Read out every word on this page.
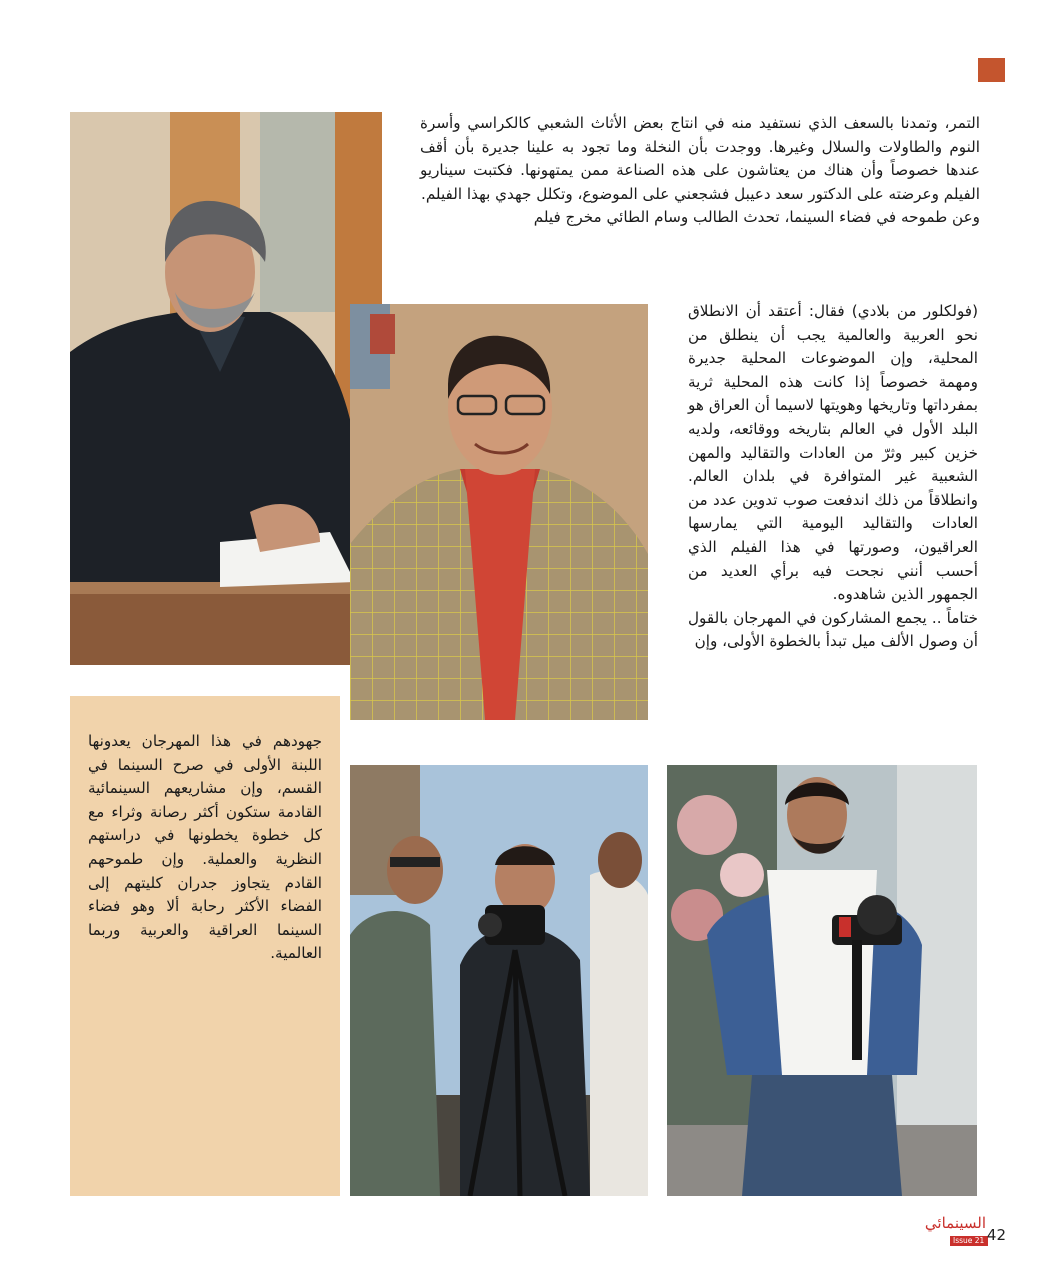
التمر، وتمدنا بالسعف الذي نستفيد منه في انتاج بعض الأثاث الشعبي كالكراسي وأسرة النوم والطاولات والسلال وغيرها. ووجدت بأن النخلة وما تجود به علينا جديرة بأن أقف عندها خصوصاً وأن هناك من يعتاشون على هذه الصناعة ممن يمتهونها. فكتبت سيناريو الفيلم وعرضته على الدكتور سعد دعيبل فشجعني على الموضوع، وتكلل جهدي بهذا الفيلم.

وعن طموحه في فضاء السينما، تحدث الطالب وسام الطائي مخرج فيلم

(فولكلور من بلادي) فقال: أعتقد أن الانطلاق نحو العربية والعالمية يجب أن ينطلق من المحلية، وإن الموضوعات المحلية جديرة ومهمة خصوصاً إذا كانت هذه المحلية ثرية بمفرداتها وتاريخها وهويتها لاسيما أن العراق هو البلد الأول في العالم بتاريخه ووقائعه، ولديه خزين كبير وثرّ من العادات والتقاليد والمهن الشعبية غير المتوافرة في بلدان العالم. وانطلاقاً من ذلك اندفعت صوب تدوين عدد من العادات والتقاليد اليومية التي يمارسها العراقيون، وصورتها في هذا الفيلم الذي أحسب أنني نجحت فيه برأي العديد من الجمهور الذين شاهدوه.

ختاماً .. يجمع المشاركون في المهرجان بالقول أن وصول الألف ميل تبدأ بالخطوة الأولى، وإن

جهودهم في هذا المهرجان يعدونها اللبنة الأولى في صرح السينما في القسم، وإن مشاريعهم السينمائية القادمة ستكون أكثر رصانة وثراء مع كل خطوة يخطونها في دراستهم النظرية والعملية. وإن طموحهم القادم يتجاوز جدران كليتهم إلى الفضاء الأكثر رحابة ألا وهو فضاء السينما العراقية والعربية وربما العالمية.

السينمائي
Issue 21 42
